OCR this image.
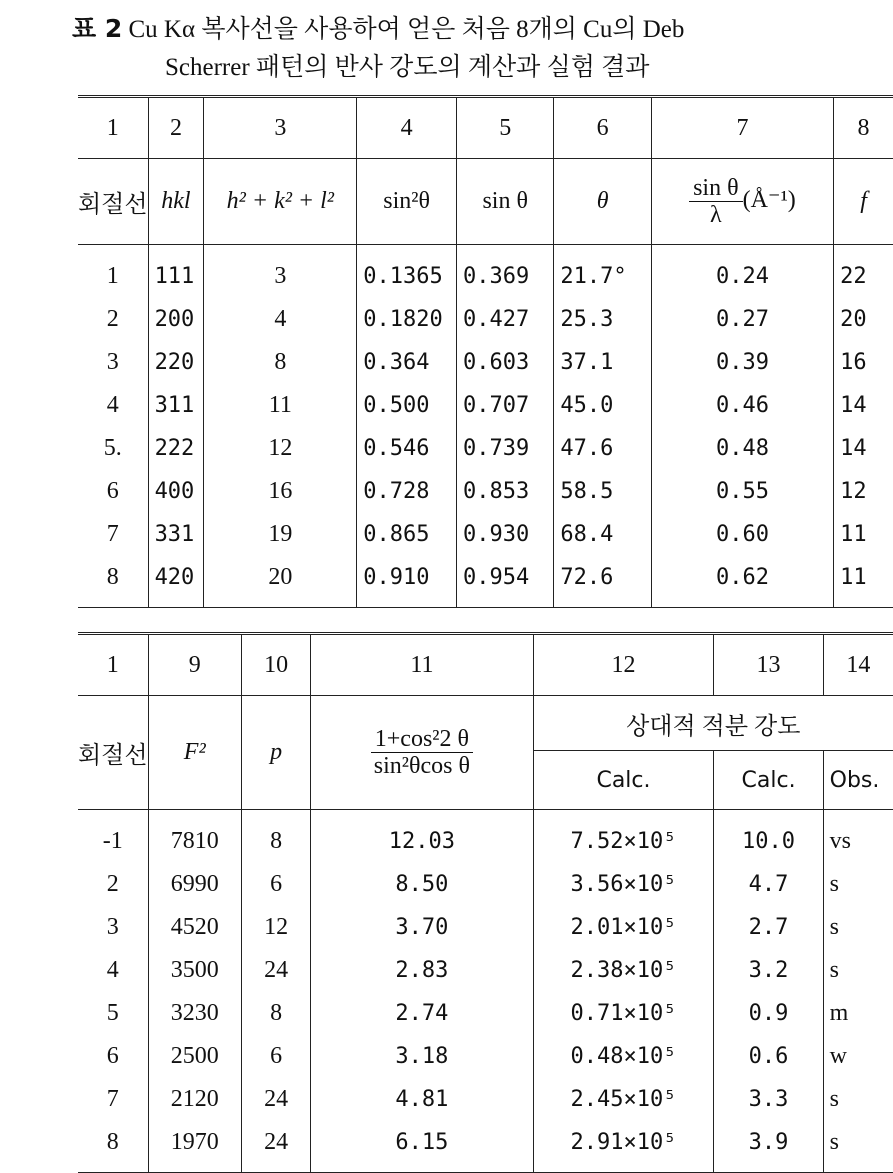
표 2 Cu Kα 복사선을 사용하여 얻은 처음 8개의 Cu의 Deb
Scherrer 패턴의 반사 강도의 계산과 실험 결과
1	2	3	4	5	6	7	8
회절선	hkl	h² + k² + l²	sin²θ	sin θ	θ	$\frac{\text{sin θ}}{\lambda}$ (Å⁻¹)	f
1	111	3	0.1365	0.369	21.7°	0.24	22
2	200	4	0.1820	0.427	25.3	0.27	20
3	220	8	0.364	0.603	37.1	0.39	16
4	311	11	0.500	0.707	45.0	0.46	14
5.	222	12	0.546	0.739	47.6	0.48	14
6	400	16	0.728	0.853	58.5	0.55	12
7	331	19	0.865	0.930	68.4	0.60	11
8	420	20	0.910	0.954	72.6	0.62	11
1	9	10	11	12	13	14
회절선	F²	p	$\frac{\text{1+cos²2 θ}}{\text{sin²θcos θ}}$	상대적 적분 강도		
				Calc.	Calc.	Obs.
-1	7810	8	12.03	7.52×10⁵	10.0	vs
2	6990	6	8.50	3.56×10⁵	4.7	s
3	4520	12	3.70	2.01×10⁵	2.7	s
4	3500	24	2.83	2.38×10⁵	3.2	s
5	3230	8	2.74	0.71×10⁵	0.9	m
6	2500	6	3.18	0.48×10⁵	0.6	w
7	2120	24	4.81	2.45×10⁵	3.3	s
8	1970	24	6.15	2.91×10⁵	3.9	s
